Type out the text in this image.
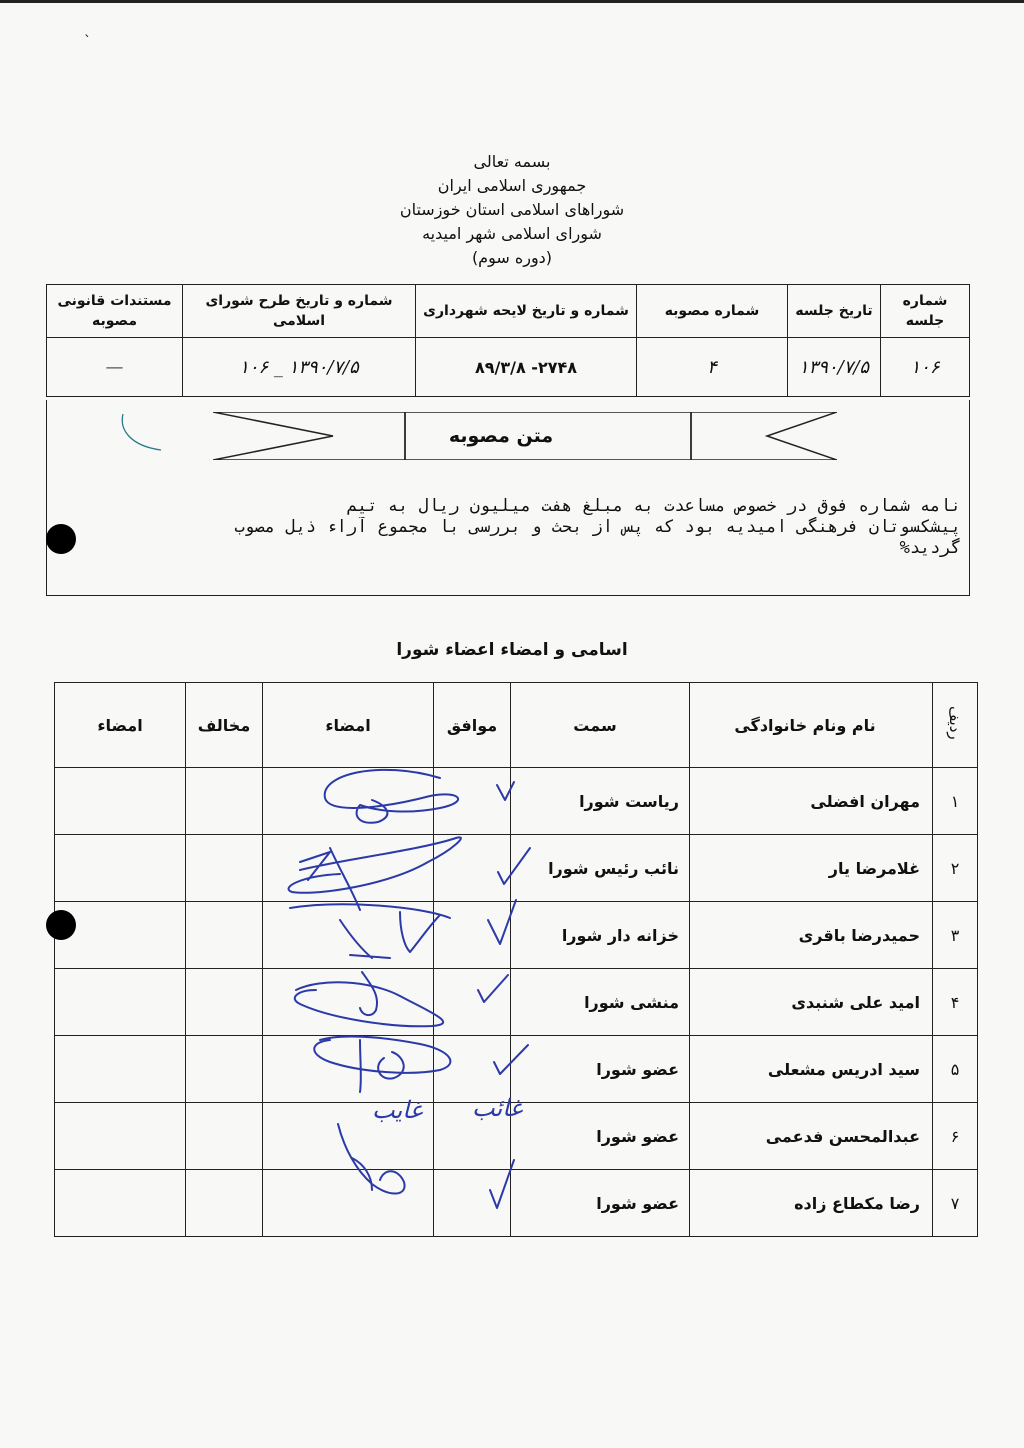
`
بسمه تعالی
جمهوری اسلامی ایران
شوراهای اسلامی استان خوزستان
شورای اسلامی شهر امیدیه
(دوره سوم)
شماره جلسه	تاریخ جلسه	شماره مصوبه	شماره و تاریخ لایحه شهرداری	شماره و تاریخ طرح شورای اسلامی	مستندات قانونی مصوبه
۱۰۶	۱۳۹۰/۷/۵	۴	۲۷۴۸- ۸۹/۳/۸	۱۳۹۰/۷/۵ _ ۱۰۶	—
نامه شماره فوق در خصوص مساعدت به مبلغ هفت میلیون ریال به تیم
پیشکسوتان فرهنگی امیدیه بود که پس از بحث و بررسی با مجموع آراء ذیل مصوب
گردید%
متن مصوبه
اسامی و امضاء اعضاء شورا
ردیف	نام ونام خانوادگی	سمت	موافق	امضاء	مخالف	امضاء
۱	مهران افضلی	ریاست شورا				
۲	غلامرضا یار	نائب رئیس شورا				
۳	حمیدرضا باقری	خزانه دار شورا				
۴	امید علی شنبدی	منشی شورا				
۵	سید ادریس مشعلی	عضو شورا				
۶	عبدالمحسن فدعمی	عضو شورا				
۷	رضا مکطاع زاده	عضو شورا				
غائب
غایب
